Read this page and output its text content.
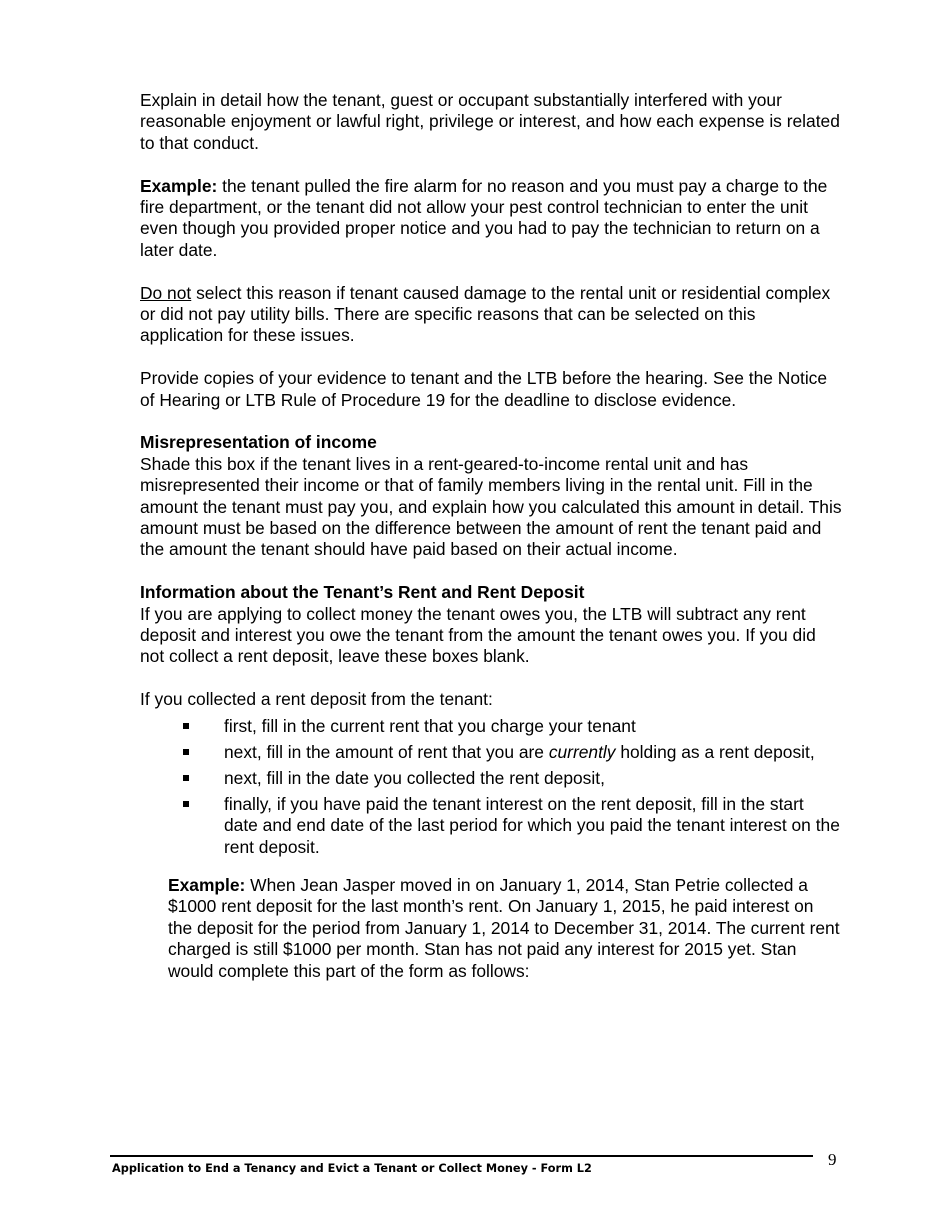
Explain in detail how the tenant, guest or occupant substantially interfered with your reasonable enjoyment or lawful right, privilege or interest, and how each expense is related to that conduct.

Example: the tenant pulled the fire alarm for no reason and you must pay a charge to the fire department, or the tenant did not allow your pest control technician to enter the unit even though you provided proper notice and you had to pay the technician to return on a later date.

Do not select this reason if tenant caused damage to the rental unit or residential complex or did not pay utility bills. There are specific reasons that can be selected on this application for these issues.

Provide copies of your evidence to tenant and the LTB before the hearing. See the Notice of Hearing or LTB Rule of Procedure 19 for the deadline to disclose evidence.

Misrepresentation of income

Shade this box if the tenant lives in a rent-geared-to-income rental unit and has misrepresented their income or that of family members living in the rental unit. Fill in the amount the tenant must pay you, and explain how you calculated this amount in detail. This amount must be based on the difference between the amount of rent the tenant paid and the amount the tenant should have paid based on their actual income.

Information about the Tenant’s Rent and Rent Deposit

If you are applying to collect money the tenant owes you, the LTB will subtract any rent deposit and interest you owe the tenant from the amount the tenant owes you. If you did not collect a rent deposit, leave these boxes blank.

If you collected a rent deposit from the tenant:

first, fill in the current rent that you charge your tenant
next, fill in the amount of rent that you are currently holding as a rent deposit,
next, fill in the date you collected the rent deposit,
finally, if you have paid the tenant interest on the rent deposit, fill in the start date and end date of the last period for which you paid the tenant interest on the rent deposit.

Example: When Jean Jasper moved in on January 1, 2014, Stan Petrie collected a $1000 rent deposit for the last month’s rent. On January 1, 2015, he paid interest on the deposit for the period from January 1, 2014 to December 31, 2014. The current rent charged is still $1000 per month. Stan has not paid any interest for 2015 yet. Stan would complete this part of the form as follows:

Application to End a Tenancy and Evict a Tenant or Collect Money - Form L2	9
